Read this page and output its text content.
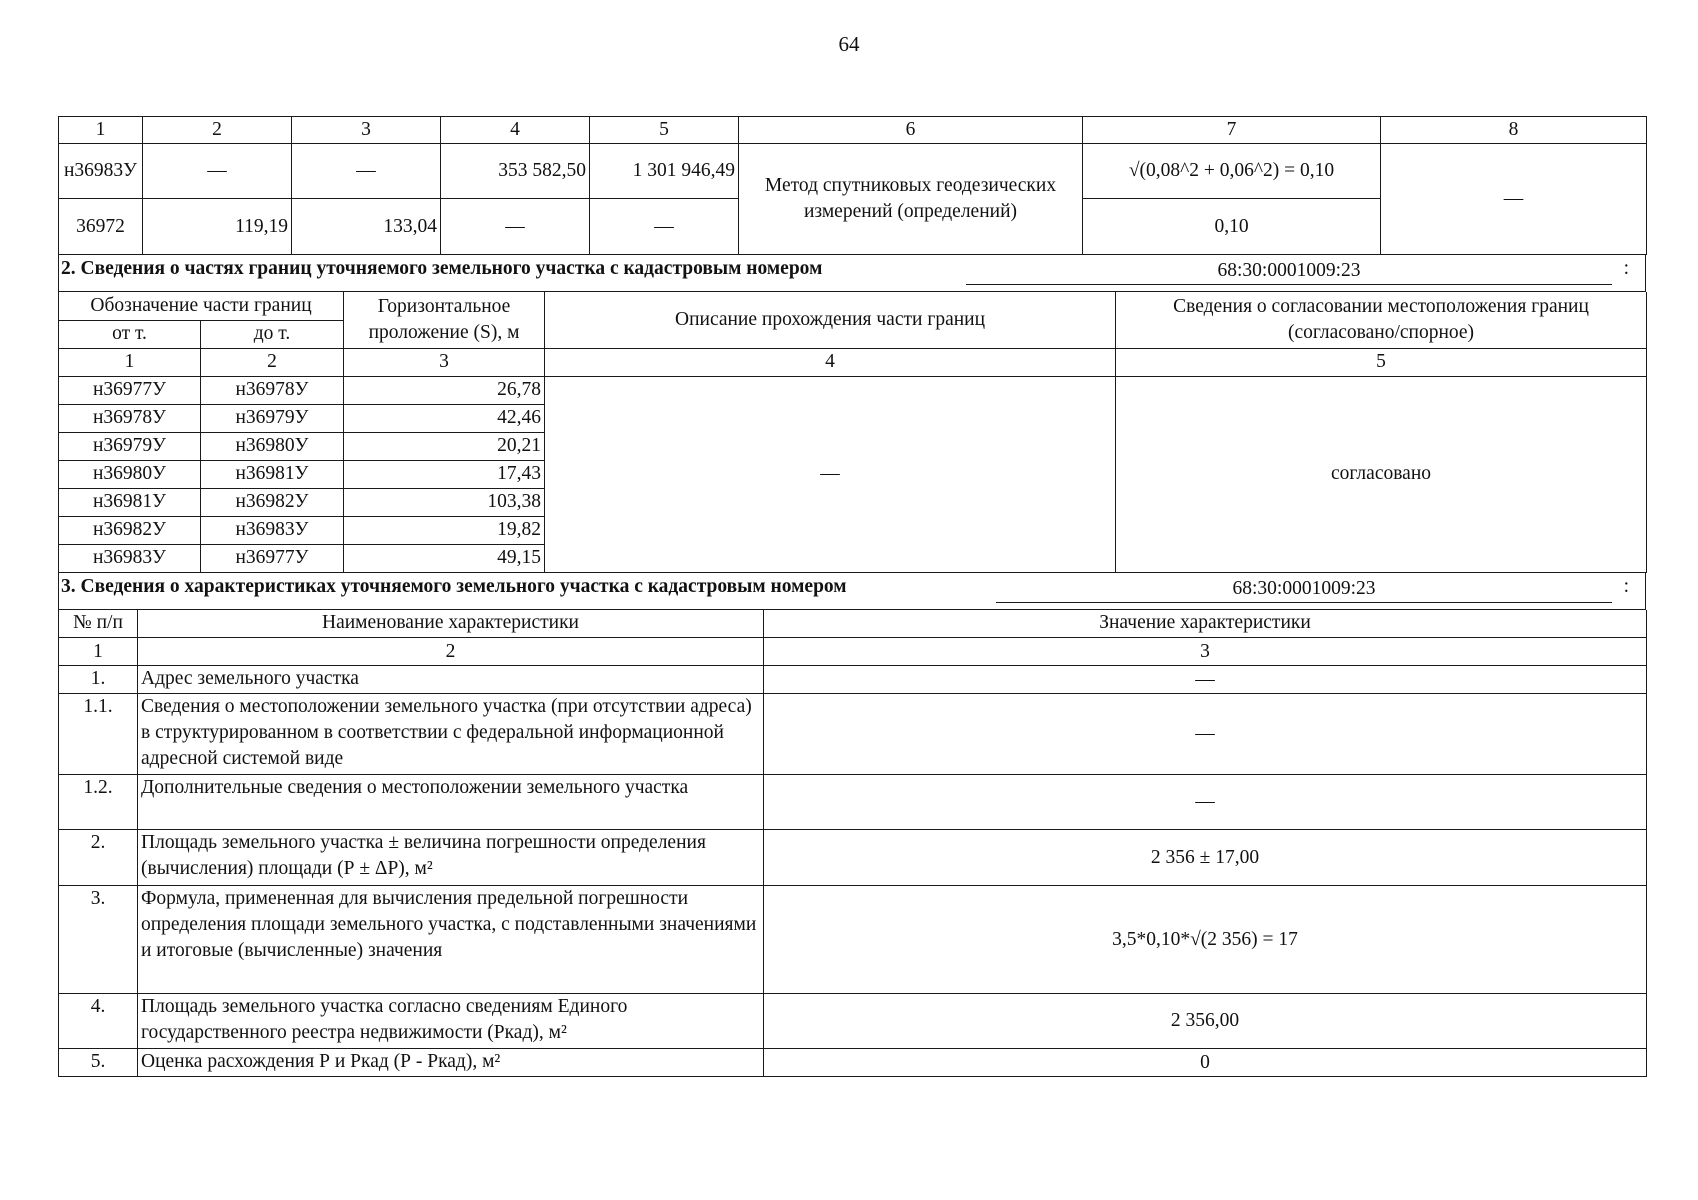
64
1	2	3	4	5	6	7	8
н36983У	—	—	353 582,50	1 301 946,49	Метод спутниковых геодезических измерений (определений)	√(0,08^2 + 0,06^2) = 0,10	—
36972	119,19	133,04	—	—		0,10	
2. Сведения о частях границ уточняемого земельного участка с кадастровым номером	68:30:0001009:23	:
Обозначение части границ		Горизонтальное проложение (S), м	Описание прохождения части границ	Сведения о согласовании местоположения границ (согласовано/спорное)
от т.	до т.			
1	2	3	4	5
н36977У	н36978У	26,78	—	согласовано
н36978У	н36979У	42,46		
н36979У	н36980У	20,21		
н36980У	н36981У	17,43		
н36981У	н36982У	103,38		
н36982У	н36983У	19,82		
н36983У	н36977У	49,15		
3. Сведения о характеристиках уточняемого земельного участка с кадастровым номером	68:30:0001009:23	:
№ п/п	Наименование характеристики	Значение характеристики
1	2	3
1.	Адрес земельного участка	—
1.1.	Сведения о местоположении земельного участка (при отсутствии адреса) в структурированном в соответствии с федеральной информационной адресной системой виде	—
1.2.	Дополнительные сведения о местоположении земельного участка	—
2.	Площадь земельного участка ± величина погрешности определения (вычисления) площади (Р ± ΔР), м²	2 356 ± 17,00
3.	Формула, примененная для вычисления предельной погрешности определения площади земельного участка, с подставленными значениями и итоговые (вычисленные) значения	3,5*0,10*√(2 356) = 17
4.	Площадь земельного участка согласно сведениям Единого государственного реестра недвижимости (Ркад), м²	2 356,00
5.	Оценка расхождения Р и Ркад (Р - Ркад), м²	0
